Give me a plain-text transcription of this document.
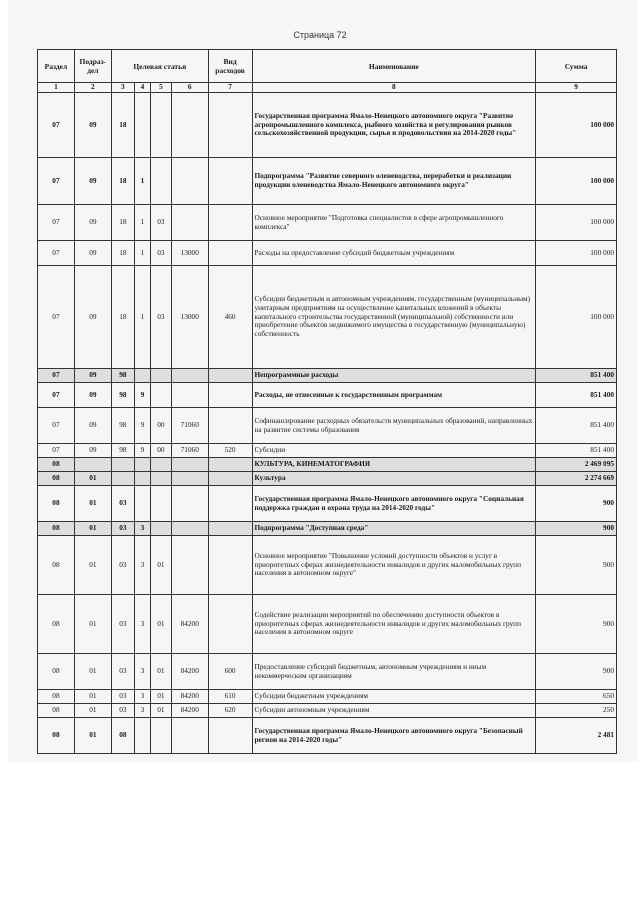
Страница 72
Раздел	Подраз-дел	Целевая статья				Вид расходов	Наименование	Сумма
1	2	3	4	5	6	7	8	9
07	09	18					Государственная программа Ямало-Ненецкого автономного округа "Развитие агропромышленного комплекса, рыбного хозяйства и регулирования рынков сельскохозяйственной продукции, сырья и продовольствия на 2014-2020 годы"	100 000
07	09	18	1				Подпрограмма "Развитие северного оленеводства, переработки и реализации продукции оленеводства Ямало-Ненецкого автономного округа"	100 000
07	09	18	1	03			Основное мероприятие "Подготовка специалистов в сфере агропромышленного комплекса"	100 000
07	09	18	1	03	13000		Расходы на предоставление субсидий бюджетным учреждениям	100 000
07	09	18	1	03	13000	460	Субсидии бюджетным и автономным учреждениям, государственным (муниципальным) унитарным предприятиям на осуществление капитальных вложений в объекты капитального строительства государственной (муниципальной) собственности или приобретение объектов недвижимого имущества в государственную (муниципальную) собственность	100 000
07	09	98					Непрограммные расходы	851 400
07	09	98	9				Расходы, не отнесенные к государственным программам	851 400
07	09	98	9	00	71060		Софинансирование расходных обязательств муниципальных образований, направленных на развитие системы образования	851 400
07	09	98	9	00	71060	520	Субсидии	851 400
08							КУЛЬТУРА, КИНЕМАТОГРАФИЯ	2 469 095
08	01						Культура	2 274 669
08	01	03					Государственная программа Ямало-Ненецкого автономного округа "Социальная поддержка граждан и охрана труда на 2014-2020 годы"	900
08	01	03	3				Подпрограмма "Доступная среда"	900
08	01	03	3	01			Основное мероприятие "Повышение условий доступности объектов и услуг в приоритетных сферах жизнедеятельности инвалидов и других маломобильных групп населения в автономном округе"	900
08	01	03	3	01	84200		Содействие реализации мероприятий по обеспечению доступности объектов в приоритетных сферах жизнедеятельности инвалидов и других маломобильных групп населения в автономном округе	900
08	01	03	3	01	84200	600	Предоставление субсидий бюджетным, автономным учреждениям и иным некоммерческим организациям	900
08	01	03	3	01	84200	610	Субсидии бюджетным учреждениям	650
08	01	03	3	01	84200	620	Субсидии автономным учреждениям	250
08	01	08					Государственная программа Ямало-Ненецкого автономного округа "Безопасный регион на 2014-2020 годы"	2 481
